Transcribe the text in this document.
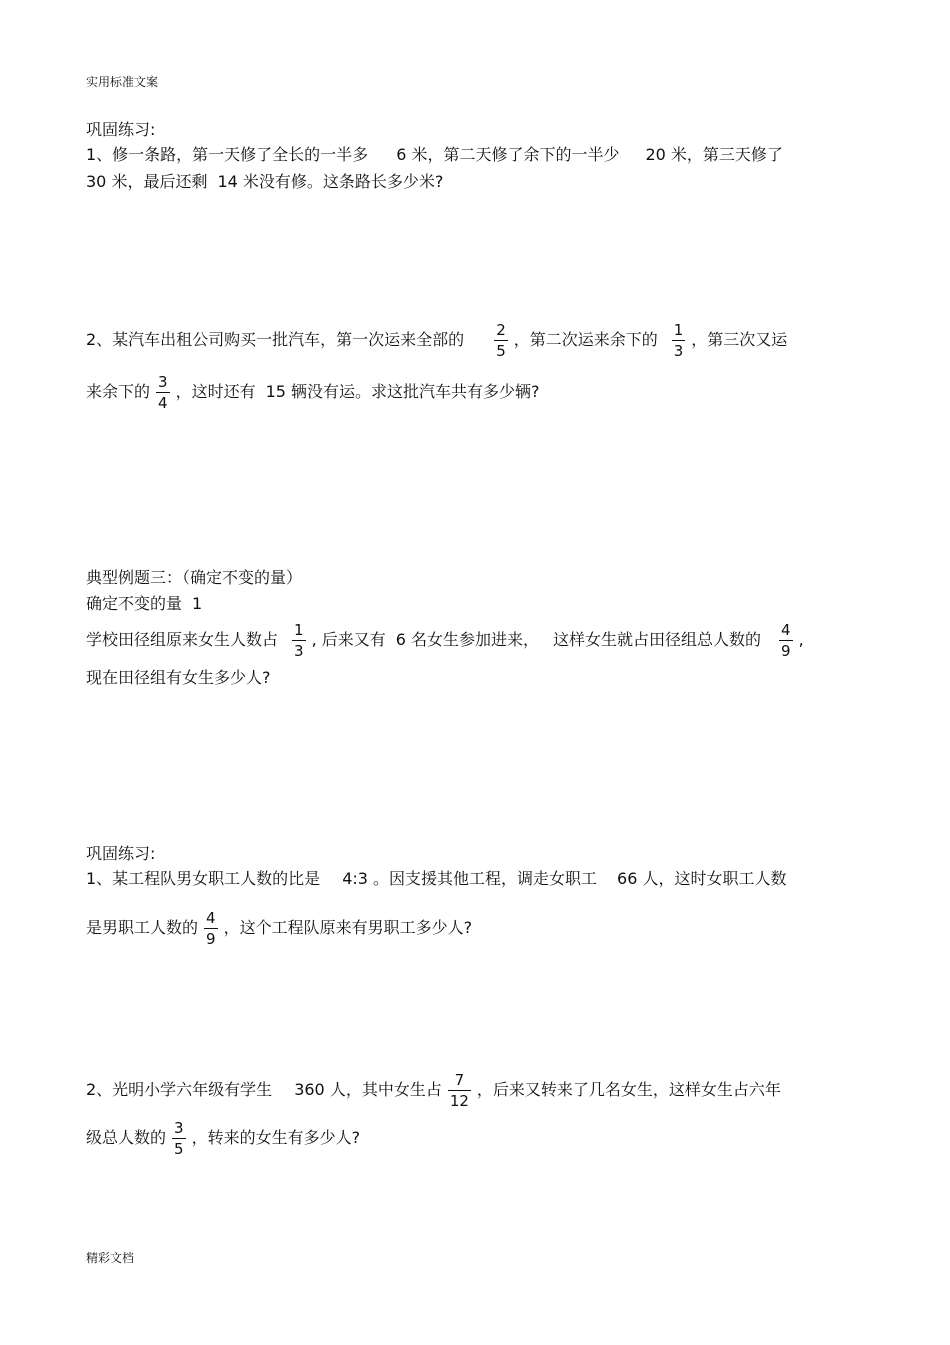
实用标准文案
巩固练习:
1、修一条路，第一天修了全长的一半多 6 米，第二天修了余下的一半少 20 米，第三天修了
30 米，最后还剩 14 米没有修。这条路长多少米?
2、某汽车出租公司购买一批汽车，第一次运来全部的 $\frac{2}{5}$ ，第二次运来余下的 $\frac{1}{3}$ ，第三次又运
来余下的 $\frac{3}{4}$ ，这时还有 15 辆没有运。求这批汽车共有多少辆?
典型例题三：（确定不变的量）
确定不变的量 1
学校田径组原来女生人数占 $\frac{1}{3}$ , 后来又有 6 名女生参加进来， 这样女生就占田径组总人数的 $\frac{4}{9}$ ,
现在田径组有女生多少人?
巩固练习:
1、某工程队男女职工人数的比是 4:3 。因支援其他工程，调走女职工 66 人，这时女职工人数
是男职工人数的 $\frac{4}{9}$ ，这个工程队原来有男职工多少人?
2、光明小学六年级有学生 360 人，其中女生占 $\frac{7}{12}$ ，后来又转来了几名女生，这样女生占六年
级总人数的 $\frac{3}{5}$ ，转来的女生有多少人?
精彩文档
